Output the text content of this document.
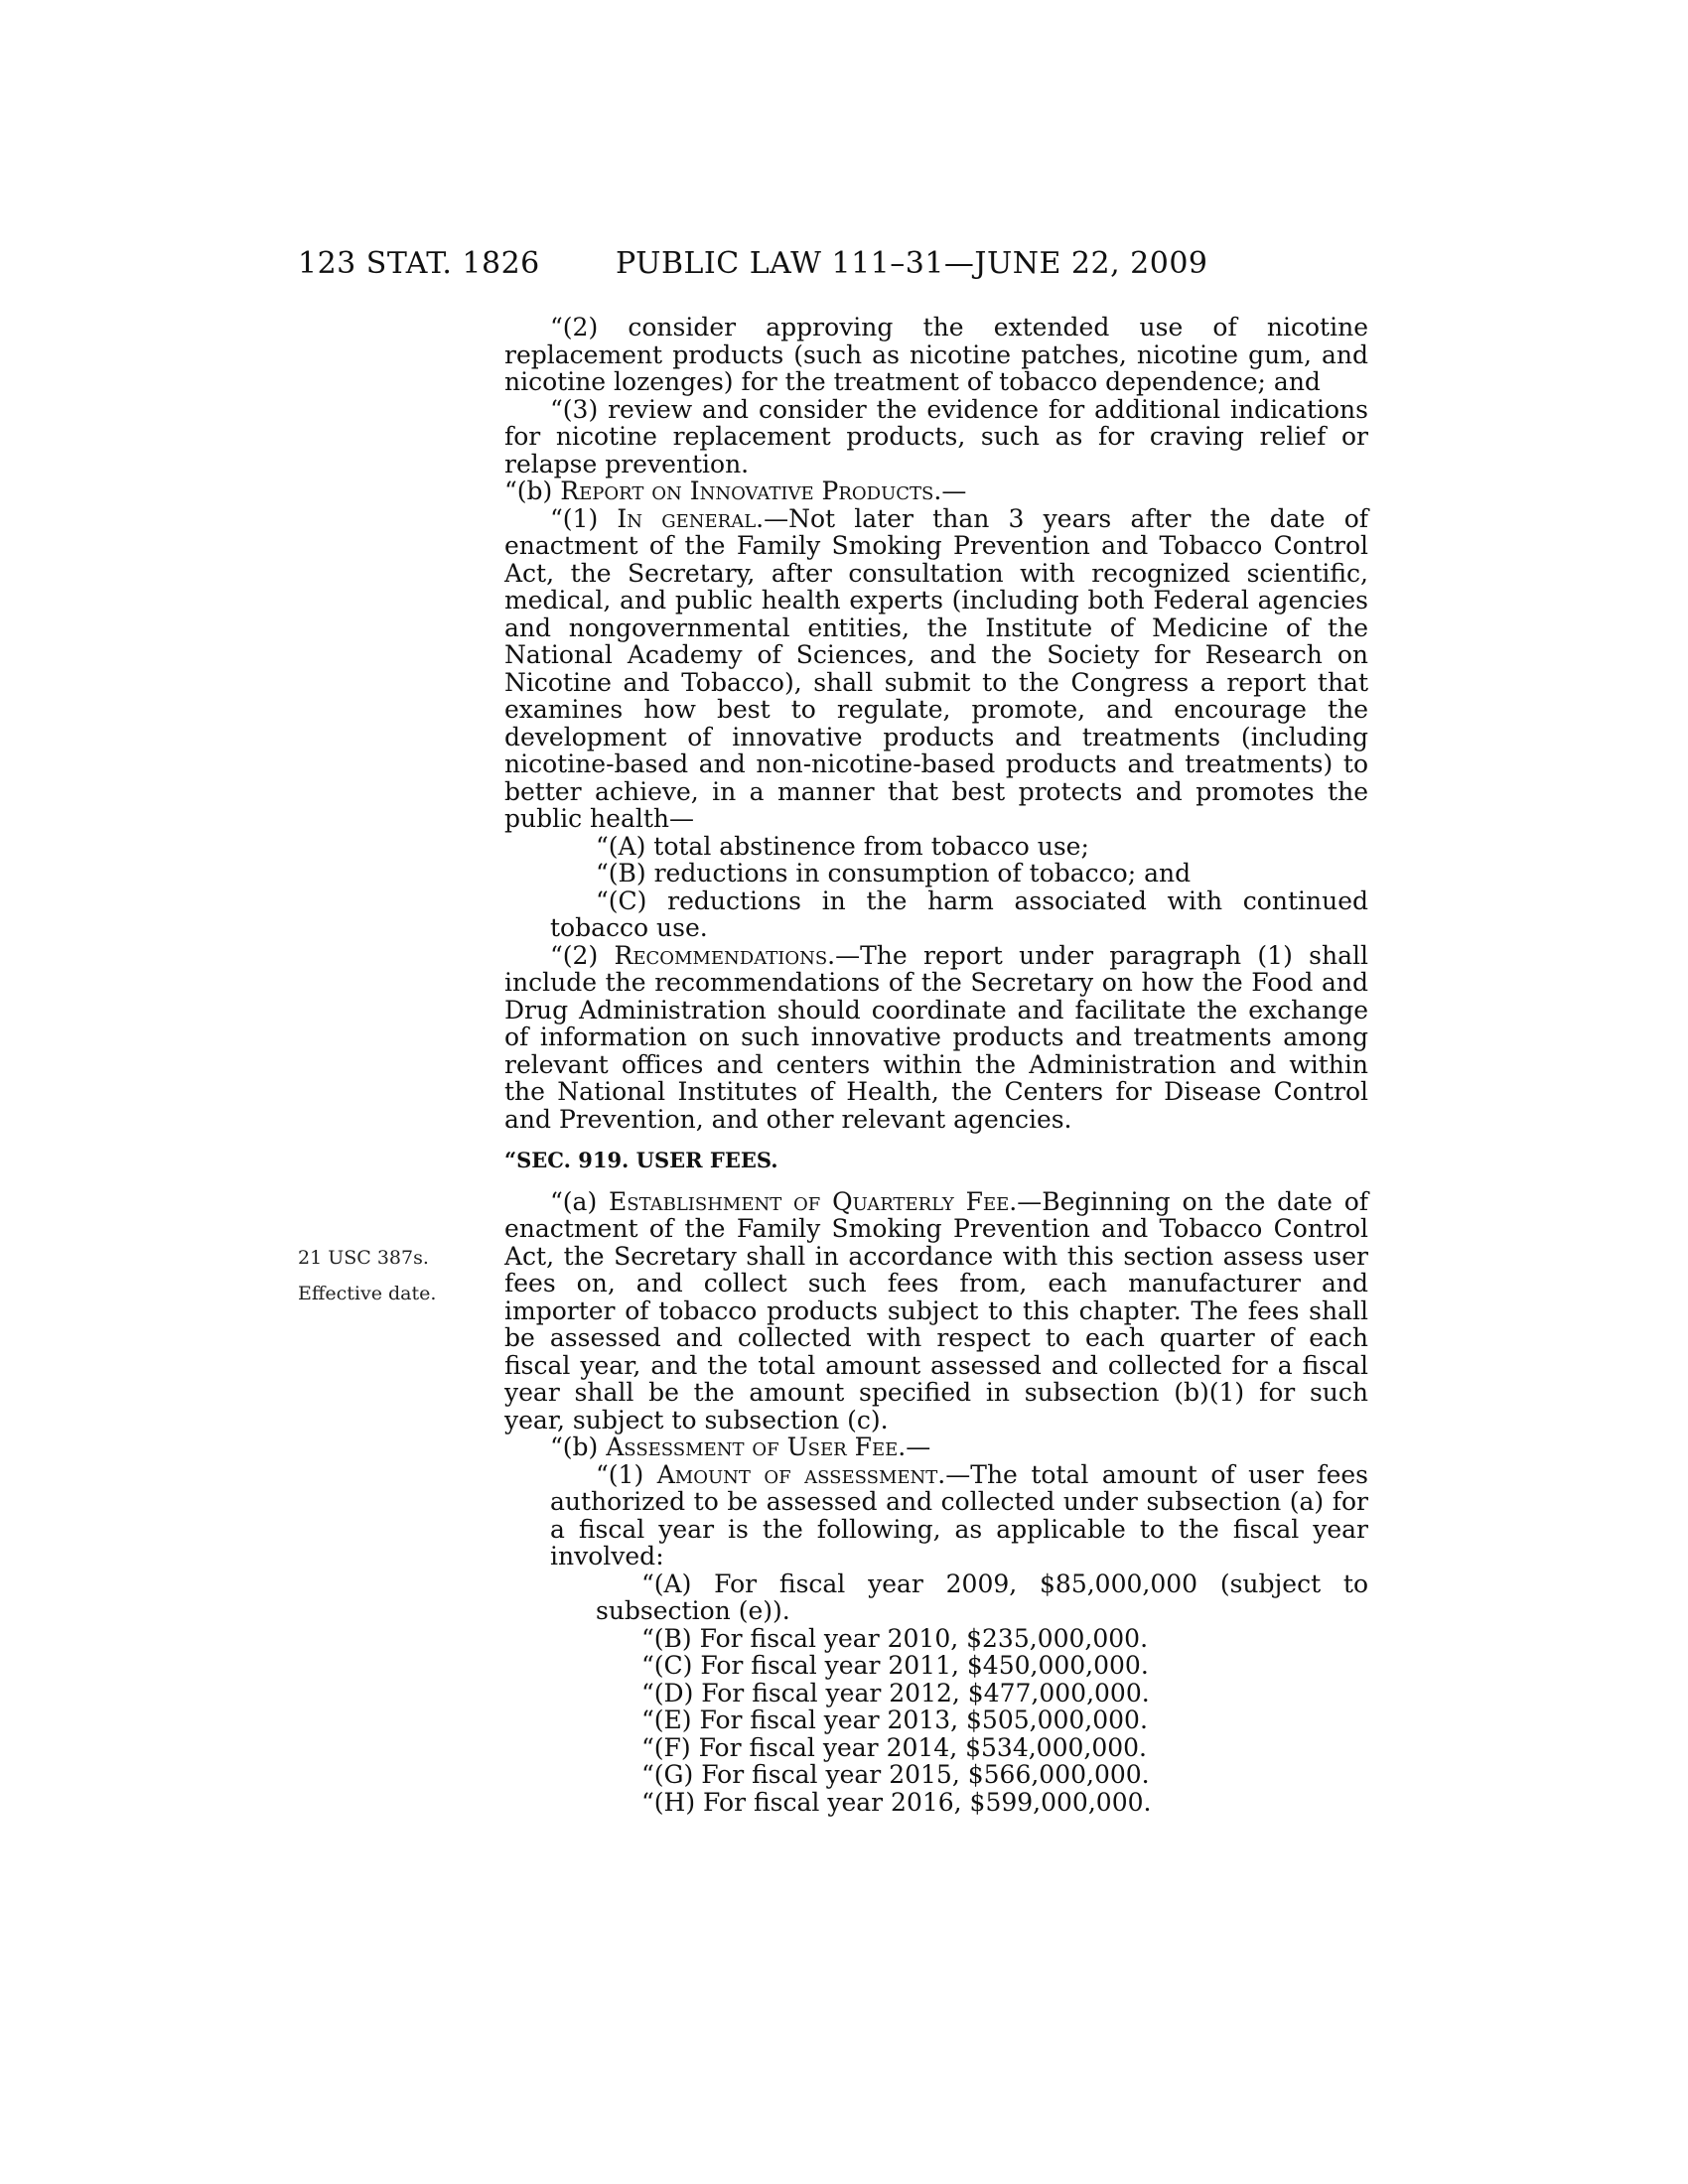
123 STAT. 1826	PUBLIC LAW 111–31—JUNE 22, 2009
21 USC 387s.
Effective date.

“(2) consider approving the extended use of nicotine replacement products (such as nicotine patches, nicotine gum, and nicotine lozenges) for the treatment of tobacco dependence; and

“(3) review and consider the evidence for additional indications for nicotine replacement products, such as for craving relief or relapse prevention.

“(b) Report on Innovative Products.—

“(1) In general.—Not later than 3 years after the date of enactment of the Family Smoking Prevention and Tobacco Control Act, the Secretary, after consultation with recognized scientific, medical, and public health experts (including both Federal agencies and nongovernmental entities, the Institute of Medicine of the National Academy of Sciences, and the Society for Research on Nicotine and Tobacco), shall submit to the Congress a report that examines how best to regulate, promote, and encourage the development of innovative products and treatments (including nicotine-based and non-nicotine-based products and treatments) to better achieve, in a manner that best protects and promotes the public health—

“(A) total abstinence from tobacco use;

“(B) reductions in consumption of tobacco; and

“(C) reductions in the harm associated with continued tobacco use.

“(2) Recommendations.—The report under paragraph (1) shall include the recommendations of the Secretary on how the Food and Drug Administration should coordinate and facilitate the exchange of information on such innovative products and treatments among relevant offices and centers within the Administration and within the National Institutes of Health, the Centers for Disease Control and Prevention, and other relevant agencies.

“SEC. 919. USER FEES.

“(a) Establishment of Quarterly Fee.—Beginning on the date of enactment of the Family Smoking Prevention and Tobacco Control Act, the Secretary shall in accordance with this section assess user fees on, and collect such fees from, each manufacturer and importer of tobacco products subject to this chapter. The fees shall be assessed and collected with respect to each quarter of each fiscal year, and the total amount assessed and collected for a fiscal year shall be the amount specified in subsection (b)(1) for such year, subject to subsection (c).

“(b) Assessment of User Fee.—

“(1) Amount of assessment.—The total amount of user fees authorized to be assessed and collected under subsection (a) for a fiscal year is the following, as applicable to the fiscal year involved:

“(A) For fiscal year 2009, $85,000,000 (subject to subsection (e)).

“(B) For fiscal year 2010, $235,000,000.

“(C) For fiscal year 2011, $450,000,000.

“(D) For fiscal year 2012, $477,000,000.

“(E) For fiscal year 2013, $505,000,000.

“(F) For fiscal year 2014, $534,000,000.

“(G) For fiscal year 2015, $566,000,000.

“(H) For fiscal year 2016, $599,000,000.
